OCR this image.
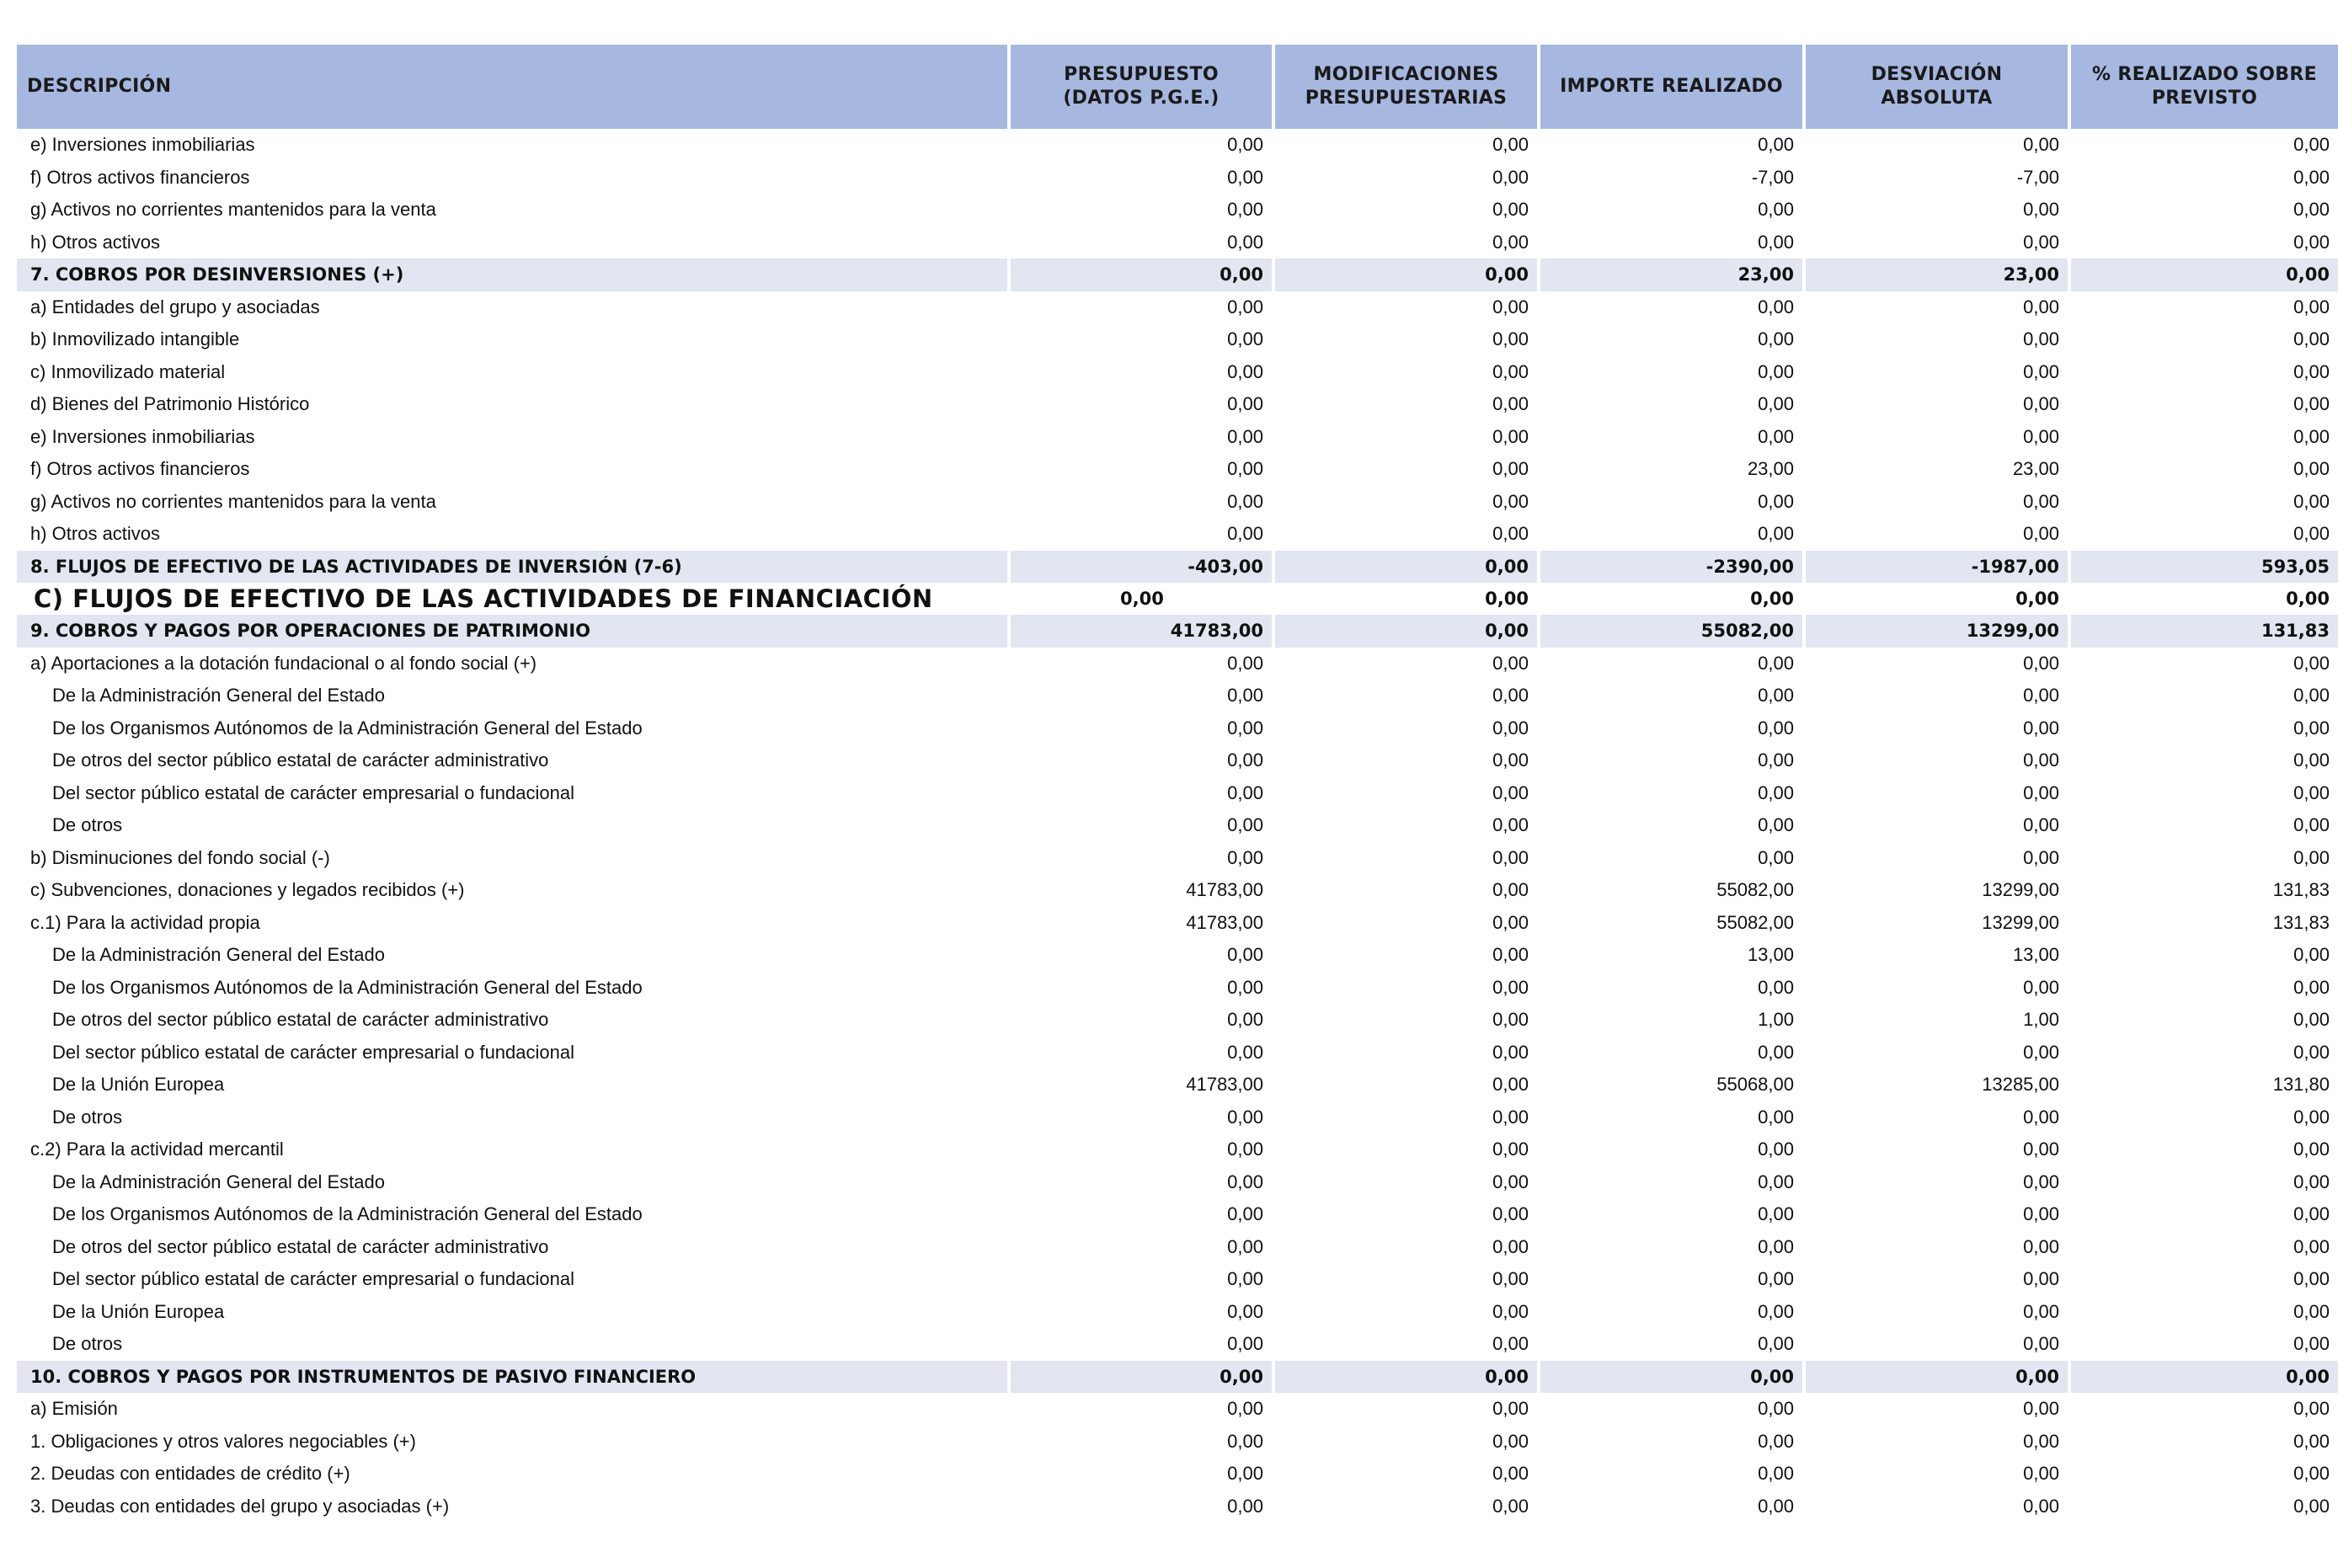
DESCRIPCIÓN	PRESUPUESTO (DATOS P.G.E.)	MODIFICACIONES PRESUPUESTARIAS	IMPORTE REALIZADO	DESVIACIÓN ABSOLUTA	% REALIZADO SOBRE PREVISTO
e) Inversiones inmobiliarias	0,00	0,00	0,00	0,00	0,00
f) Otros activos financieros	0,00	0,00	-7,00	-7,00	0,00
g) Activos no corrientes mantenidos para la venta	0,00	0,00	0,00	0,00	0,00
h) Otros activos	0,00	0,00	0,00	0,00	0,00
7. COBROS POR DESINVERSIONES (+)	0,00	0,00	23,00	23,00	0,00
a) Entidades del grupo y asociadas	0,00	0,00	0,00	0,00	0,00
b) Inmovilizado intangible	0,00	0,00	0,00	0,00	0,00
c) Inmovilizado material	0,00	0,00	0,00	0,00	0,00
d) Bienes del Patrimonio Histórico	0,00	0,00	0,00	0,00	0,00
e) Inversiones inmobiliarias	0,00	0,00	0,00	0,00	0,00
f) Otros activos financieros	0,00	0,00	23,00	23,00	0,00
g) Activos no corrientes mantenidos para la venta	0,00	0,00	0,00	0,00	0,00
h) Otros activos	0,00	0,00	0,00	0,00	0,00
8. FLUJOS DE EFECTIVO DE LAS ACTIVIDADES DE INVERSIÓN (7-6)	-403,00	0,00	-2390,00	-1987,00	593,05
C) FLUJOS DE EFECTIVO DE LAS ACTIVIDADES DE FINANCIACIÓN	0,00	0,00	0,00	0,00	0,00
9. COBROS Y PAGOS POR OPERACIONES DE PATRIMONIO	41783,00	0,00	55082,00	13299,00	131,83
a) Aportaciones a la dotación fundacional o al fondo social (+)	0,00	0,00	0,00	0,00	0,00
De la Administración General del Estado	0,00	0,00	0,00	0,00	0,00
De los Organismos Autónomos de la Administración General del Estado	0,00	0,00	0,00	0,00	0,00
De otros del sector público estatal de carácter administrativo	0,00	0,00	0,00	0,00	0,00
Del sector público estatal de carácter empresarial o fundacional	0,00	0,00	0,00	0,00	0,00
De otros	0,00	0,00	0,00	0,00	0,00
b) Disminuciones del fondo social (-)	0,00	0,00	0,00	0,00	0,00
c) Subvenciones, donaciones y legados recibidos (+)	41783,00	0,00	55082,00	13299,00	131,83
c.1) Para la actividad propia	41783,00	0,00	55082,00	13299,00	131,83
De la Administración General del Estado	0,00	0,00	13,00	13,00	0,00
De los Organismos Autónomos de la Administración General del Estado	0,00	0,00	0,00	0,00	0,00
De otros del sector público estatal de carácter administrativo	0,00	0,00	1,00	1,00	0,00
Del sector público estatal de carácter empresarial o fundacional	0,00	0,00	0,00	0,00	0,00
De la Unión Europea	41783,00	0,00	55068,00	13285,00	131,80
De otros	0,00	0,00	0,00	0,00	0,00
c.2) Para la actividad mercantil	0,00	0,00	0,00	0,00	0,00
De la Administración General del Estado	0,00	0,00	0,00	0,00	0,00
De los Organismos Autónomos de la Administración General del Estado	0,00	0,00	0,00	0,00	0,00
De otros del sector público estatal de carácter administrativo	0,00	0,00	0,00	0,00	0,00
Del sector público estatal de carácter empresarial o fundacional	0,00	0,00	0,00	0,00	0,00
De la Unión Europea	0,00	0,00	0,00	0,00	0,00
De otros	0,00	0,00	0,00	0,00	0,00
10. COBROS Y PAGOS POR INSTRUMENTOS DE PASIVO FINANCIERO	0,00	0,00	0,00	0,00	0,00
a) Emisión	0,00	0,00	0,00	0,00	0,00
1. Obligaciones y otros valores negociables (+)	0,00	0,00	0,00	0,00	0,00
2. Deudas con entidades de crédito (+)	0,00	0,00	0,00	0,00	0,00
3. Deudas con entidades del grupo y asociadas (+)	0,00	0,00	0,00	0,00	0,00
